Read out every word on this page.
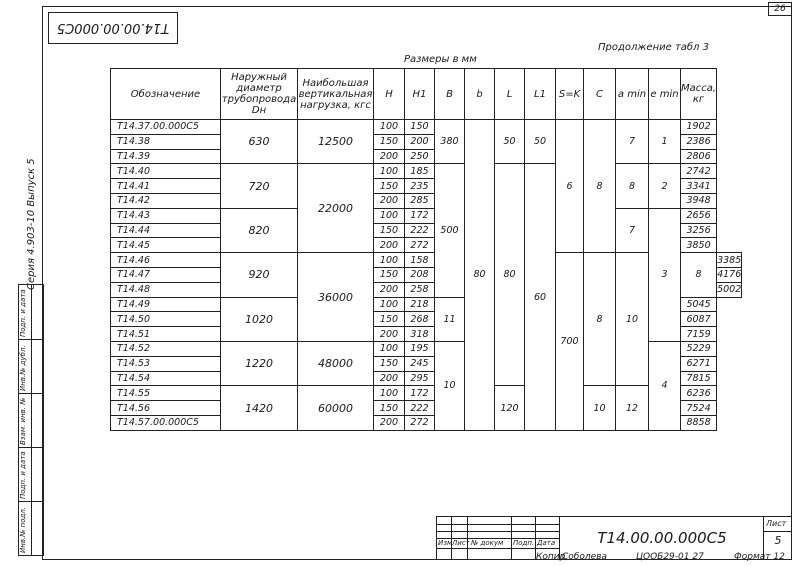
26
Т14.00.00.000С5
Серия 4.903-10 Выпуск 5
Инв.№ подл.
Подп. и дата
Взам. инв. №
Инв.№ дубл.
Подп. и дата
Продолжение табл 3
Размеры в мм
Обозначение	Наружный диаметр трубопровода Dн	Наибольшая вертикальная нагрузка, кгс	H	H1	B	b	L	L1	S=K	C	a min	e min	Масса, кг	
Т14.37.00.000С5	630	12500	100	150	380	80	50	50	6	8	7	1	1902	
Т14.38			150	200									2386	
Т14.39			200	250									2806	
Т14.40	720	22000	100	185	500		80	60			8	2	2742	
Т14.41			150	235									3341	
Т14.42			200	285									3948	
Т14.43	820		100	172							7	3	2656	
Т14.44			150	222									3256	
Т14.45			200	272									3850	
Т14.46	920	36000	100	158					700	8	10		8	3385
Т14.47			150	208										4176
Т14.48			200	258										5002
Т14.49	1020		100	218	11								5045	
Т14.50			150	268									6087	
Т14.51			200	318									7159	
Т14.52	1220	48000	100	195	10							4	5229	
Т14.53			150	245									6271	
Т14.54			200	295									7815	
Т14.55	1420	60000	100	172			120			10	12		6236	
Т14.56			150	222									7524	
Т14.57.00.000С5			200	272									8858	
Изм Лист № докум Подп. Дата	Т14.00.00.000С5
Лист
5
Копир
Соболева	ЦООБ29-01 27	Формат 12
